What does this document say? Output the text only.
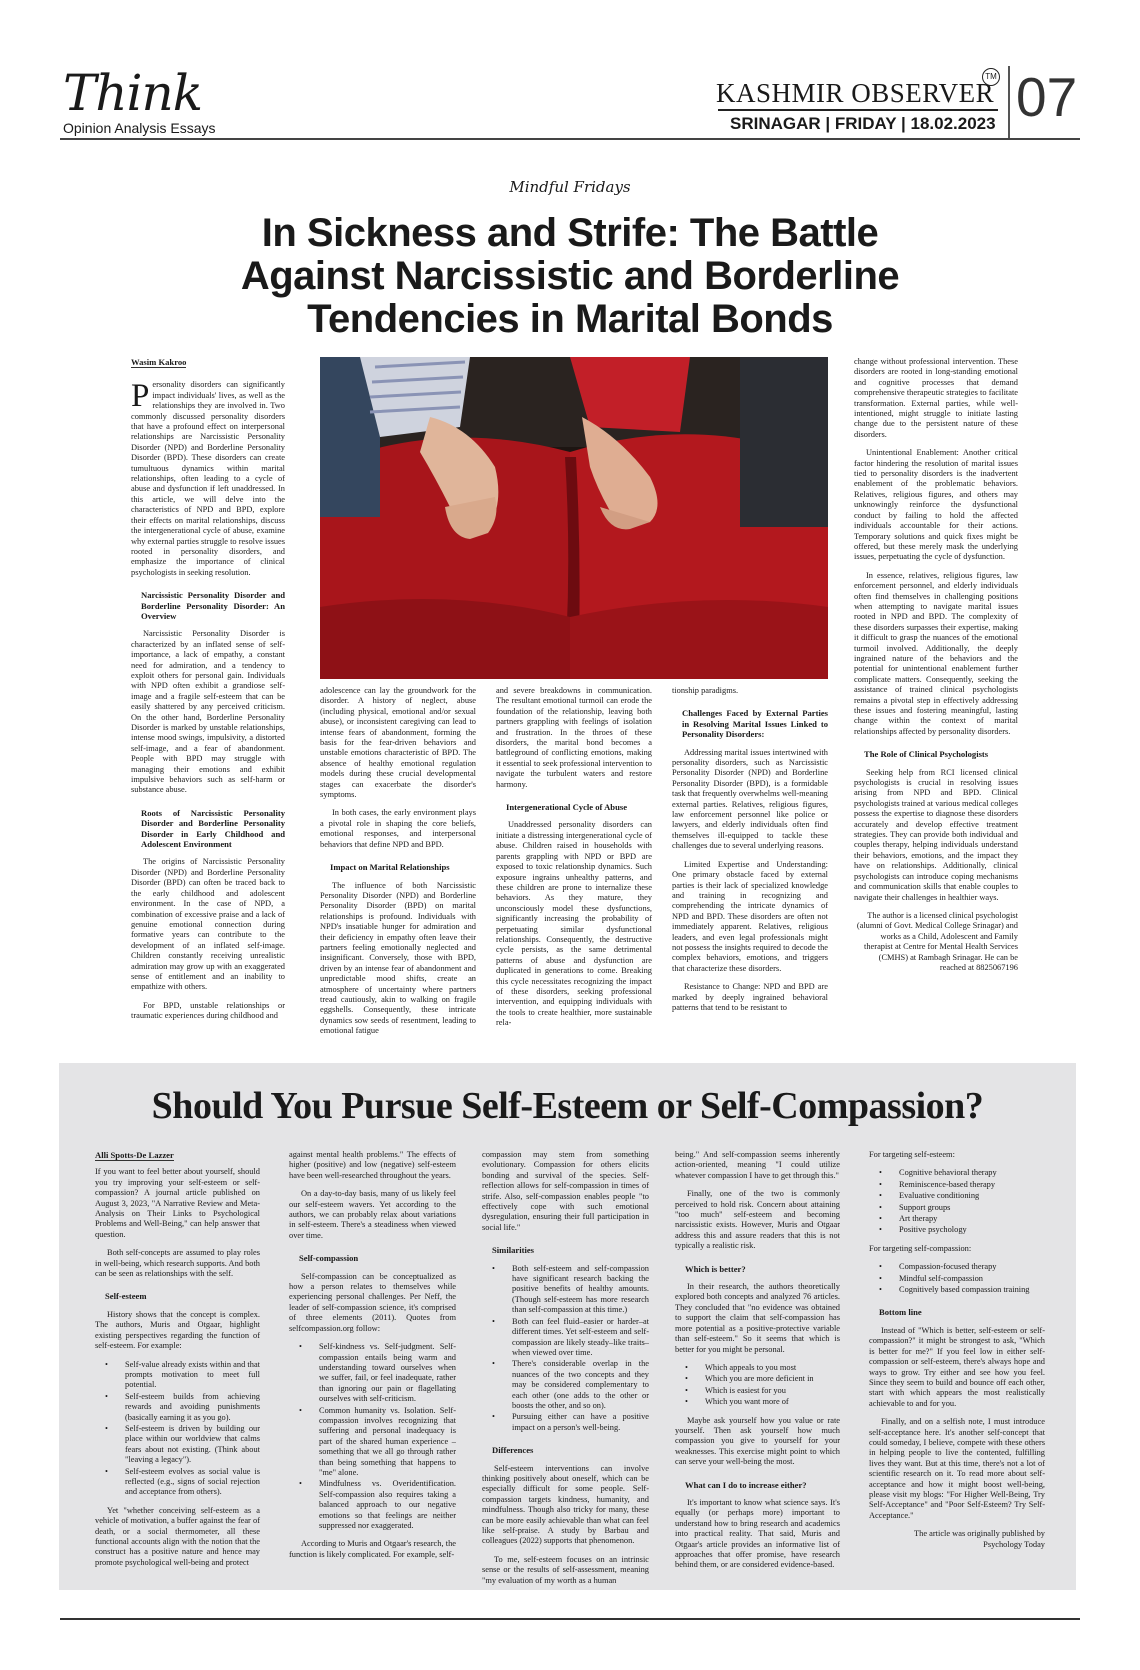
Think
Opinion Analysis Essays
KASHMIR OBSERVER
TM
SRINAGAR | FRIDAY | 18.02.2023 07
Mindful Fridays
In Sickness and Strife: The Battle Against Narcissistic and Borderline Tendencies in Marital Bonds
Wasim Kakroo

Personality disorders can significantly impact individuals' lives, as well as the relationships they are involved in. Two commonly discussed personality disorders that have a profound effect on interpersonal relationships are Narcissistic Personality Disorder (NPD) and Borderline Personality Disorder (BPD). These disorders can create tumultuous dynamics within marital relationships, often leading to a cycle of abuse and dysfunction if left unaddressed. In this article, we will delve into the characteristics of NPD and BPD, explore their effects on marital relationships, discuss the intergenerational cycle of abuse, examine why external parties struggle to resolve issues rooted in personality disorders, and emphasize the importance of clinical psychologists in seeking resolution.

Narcissistic Personality Disorder and Borderline Personality Disorder: An Overview

Narcissistic Personality Disorder is characterized by an inflated sense of self-importance, a lack of empathy, a constant need for admiration, and a tendency to exploit others for personal gain. Individuals with NPD often exhibit a grandiose self-image and a fragile self-esteem that can be easily shattered by any perceived criticism. On the other hand, Borderline Personality Disorder is marked by unstable relationships, intense mood swings, impulsivity, a distorted self-image, and a fear of abandonment. People with BPD may struggle with managing their emotions and exhibit impulsive behaviors such as self-harm or substance abuse.

Roots of Narcissistic Personality Disorder and Borderline Personality Disorder in Early Childhood and Adolescent Environment

The origins of Narcissistic Personality Disorder (NPD) and Borderline Personality Disorder (BPD) can often be traced back to the early childhood and adolescent environment. In the case of NPD, a combination of excessive praise and a lack of genuine emotional connection during formative years can contribute to the development of an inflated self-image. Children constantly receiving unrealistic admiration may grow up with an exaggerated sense of entitlement and an inability to empathize with others.

For BPD, unstable relationships or traumatic experiences during childhood and

adolescence can lay the groundwork for the disorder. A history of neglect, abuse (including physical, emotional and/or sexual abuse), or inconsistent caregiving can lead to intense fears of abandonment, forming the basis for the fear-driven behaviors and unstable emotions characteristic of BPD. The absence of healthy emotional regulation models during these crucial developmental stages can exacerbate the disorder's symptoms.

In both cases, the early environment plays a pivotal role in shaping the core beliefs, emotional responses, and interpersonal behaviors that define NPD and BPD.

Impact on Marital Relationships

The influence of both Narcissistic Personality Disorder (NPD) and Borderline Personality Disorder (BPD) on marital relationships is profound. Individuals with NPD's insatiable hunger for admiration and their deficiency in empathy often leave their partners feeling emotionally neglected and insignificant. Conversely, those with BPD, driven by an intense fear of abandonment and unpredictable mood shifts, create an atmosphere of uncertainty where partners tread cautiously, akin to walking on fragile eggshells. Consequently, these intricate dynamics sow seeds of resentment, leading to emotional fatigue

and severe breakdowns in communication. The resultant emotional turmoil can erode the foundation of the relationship, leaving both partners grappling with feelings of isolation and frustration. In the throes of these disorders, the marital bond becomes a battleground of conflicting emotions, making it essential to seek professional intervention to navigate the turbulent waters and restore harmony.

Intergenerational Cycle of Abuse

Unaddressed personality disorders can initiate a distressing intergenerational cycle of abuse. Children raised in households with parents grappling with NPD or BPD are exposed to toxic relationship dynamics. Such exposure ingrains unhealthy patterns, and these children are prone to internalize these behaviors. As they mature, they unconsciously model these dysfunctions, significantly increasing the probability of perpetuating similar dysfunctional relationships. Consequently, the destructive cycle persists, as the same detrimental patterns of abuse and dysfunction are duplicated in generations to come. Breaking this cycle necessitates recognizing the impact of these disorders, seeking professional intervention, and equipping individuals with the tools to create healthier, more sustainable rela-

tionship paradigms.

Challenges Faced by External Parties in Resolving Marital Issues Linked to Personality Disorders:

Addressing marital issues intertwined with personality disorders, such as Narcissistic Personality Disorder (NPD) and Borderline Personality Disorder (BPD), is a formidable task that frequently overwhelms well-meaning external parties. Relatives, religious figures, law enforcement personnel like police or lawyers, and elderly individuals often find themselves ill-equipped to tackle these challenges due to several underlying reasons.

Limited Expertise and Understanding: One primary obstacle faced by external parties is their lack of specialized knowledge and training in recognizing and comprehending the intricate dynamics of NPD and BPD. These disorders are often not immediately apparent. Relatives, religious leaders, and even legal professionals might not possess the insights required to decode the complex behaviors, emotions, and triggers that characterize these disorders.

Resistance to Change: NPD and BPD are marked by deeply ingrained behavioral patterns that tend to be resistant to

change without professional intervention. These disorders are rooted in long-standing emotional and cognitive processes that demand comprehensive therapeutic strategies to facilitate transformation. External parties, while well-intentioned, might struggle to initiate lasting change due to the persistent nature of these disorders.

Unintentional Enablement: Another critical factor hindering the resolution of marital issues tied to personality disorders is the inadvertent enablement of the problematic behaviors. Relatives, religious figures, and others may unknowingly reinforce the dysfunctional conduct by failing to hold the affected individuals accountable for their actions. Temporary solutions and quick fixes might be offered, but these merely mask the underlying issues, perpetuating the cycle of dysfunction.

In essence, relatives, religious figures, law enforcement personnel, and elderly individuals often find themselves in challenging positions when attempting to navigate marital issues rooted in NPD and BPD. The complexity of these disorders surpasses their expertise, making it difficult to grasp the nuances of the emotional turmoil involved. Additionally, the deeply ingrained nature of the behaviors and the potential for unintentional enablement further complicate matters. Consequently, seeking the assistance of trained clinical psychologists remains a pivotal step in effectively addressing these issues and fostering meaningful, lasting change within the context of marital relationships affected by personality disorders.

The Role of Clinical Psychologists

Seeking help from RCI licensed clinical psychologists is crucial in resolving issues arising from NPD and BPD. Clinical psychologists trained at various medical colleges possess the expertise to diagnose these disorders accurately and develop effective treatment strategies. They can provide both individual and couples therapy, helping individuals understand their behaviors, emotions, and the impact they have on relationships. Additionally, clinical psychologists can introduce coping mechanisms and communication skills that enable couples to navigate their challenges in healthier ways.

The author is a licensed clinical psychologist (alumni of Govt. Medical College Srinagar) and works as a Child, Adolescent and Family therapist at Centre for Mental Health Services (CMHS) at Rambagh Srinagar. He can be reached at 8825067196

Should You Pursue Self-Esteem or Self-Compassion?
Alli Spotts-De Lazzer

If you want to feel better about yourself, should you try improving your self-esteem or self-compassion? A journal article published on August 3, 2023, "A Narrative Review and Meta-Analysis on Their Links to Psychological Problems and Well-Being," can help answer that question.

Both self-concepts are assumed to play roles in well-being, which research supports. And both can be seen as relationships with the self.

Self-esteem

History shows that the concept is complex. The authors, Muris and Otgaar, highlight existing perspectives regarding the function of self-esteem. For example:

• Self-value already exists within and that prompts motivation to meet full potential.
• Self-esteem builds from achieving rewards and avoiding punishments (basically earning it as you go).
• Self-esteem is driven by building our place within our worldview that calms fears about not existing. (Think about "leaving a legacy").
• Self-esteem evolves as social value is reflected (e.g., signs of social rejection and acceptance from others).

Yet "whether conceiving self-esteem as a vehicle of motivation, a buffer against the fear of death, or a social thermometer, all these functional accounts align with the notion that the construct has a positive nature and hence may promote psychological well-being and protect

against mental health problems." The effects of higher (positive) and low (negative) self-esteem have been well-researched throughout the years.

On a day-to-day basis, many of us likely feel our self-esteem wavers. Yet according to the authors, we can probably relax about variations in self-esteem. There's a steadiness when viewed over time.

Self-compassion

Self-compassion can be conceptualized as how a person relates to themselves while experiencing personal challenges. Per Neff, the leader of self-compassion science, it's comprised of three elements (2011). Quotes from selfcompassion.org follow:

• Self-kindness vs. Self-judgment. Self-compassion entails being warm and understanding toward ourselves when we suffer, fail, or feel inadequate, rather than ignoring our pain or flagellating ourselves with self-criticism.
• Common humanity vs. Isolation. Self-compassion involves recognizing that suffering and personal inadequacy is part of the shared human experience – something that we all go through rather than being something that happens to "me" alone.
• Mindfulness vs. Overidentification. Self-compassion also requires taking a balanced approach to our negative emotions so that feelings are neither suppressed nor exaggerated.

According to Muris and Otgaar's research, the function is likely complicated. For example, self-

compassion may stem from something evolutionary. Compassion for others elicits bonding and survival of the species. Self-reflection allows for self-compassion in times of strife. Also, self-compassion enables people "to effectively cope with such emotional dysregulation, ensuring their full participation in social life."

Similarities
• Both self-esteem and self-compassion have significant research backing the positive benefits of healthy amounts. (Though self-esteem has more research than self-compassion at this time.)
• Both can feel fluid–easier or harder–at different times. Yet self-esteem and self-compassion are likely steady–like traits–when viewed over time.
• There's considerable overlap in the nuances of the two concepts and they may be considered complementary to each other (one adds to the other or boosts the other, and so on).
• Pursuing either can have a positive impact on a person's well-being.
Differences

Self-esteem interventions can involve thinking positively about oneself, which can be especially difficult for some people. Self-compassion targets kindness, humanity, and mindfulness. Though also tricky for many, these can be more easily achievable than what can feel like self-praise. A study by Barbau and colleagues (2022) supports that phenomenon.

To me, self-esteem focuses on an intrinsic sense or the results of self-assessment, meaning "my evaluation of my worth as a human

being." And self-compassion seems inherently action-oriented, meaning "I could utilize whatever compassion I have to get through this."

Finally, one of the two is commonly perceived to hold risk. Concern about attaining "too much" self-esteem and becoming narcissistic exists. However, Muris and Otgaar address this and assure readers that this is not typically a realistic risk.

Which is better?

In their research, the authors theoretically explored both concepts and analyzed 76 articles. They concluded that "no evidence was obtained to support the claim that self-compassion has more potential as a positive-protective variable than self-esteem." So it seems that which is better for you might be personal.

• Which appeals to you most
• Which you are more deficient in
• Which is easiest for you
• Which you want more of

Maybe ask yourself how you value or rate yourself. Then ask yourself how much compassion you give to yourself for your weaknesses. This exercise might point to which can serve your well-being the most.

What can I do to increase either?

It's important to know what science says. It's equally (or perhaps more) important to understand how to bring research and academics into practical reality. That said, Muris and Otgaar's article provides an informative list of approaches that offer promise, have research behind them, or are considered evidence-based.

For targeting self-esteem:

• Cognitive behavioral therapy
• Reminiscence-based therapy
• Evaluative conditioning
• Support groups
• Art therapy
• Positive psychology

For targeting self-compassion:

• Compassion-focused therapy
• Mindful self-compassion
• Cognitively based compassion training
Bottom line

Instead of "Which is better, self-esteem or self-compassion?" it might be strongest to ask, "Which is better for me?" If you feel low in either self-compassion or self-esteem, there's always hope and ways to grow. Try either and see how you feel. Since they seem to build and bounce off each other, start with which appears the most realistically achievable to and for you.

Finally, and on a selfish note, I must introduce self-acceptance here. It's another self-concept that could someday, I believe, compete with these others in helping people to live the contented, fulfilling lives they want. But at this time, there's not a lot of scientific research on it. To read more about self-acceptance and how it might boost well-being, please visit my blogs: "For Higher Well-Being, Try Self-Acceptance" and "Poor Self-Esteem? Try Self-Acceptance."

The article was originally published by Psychology Today
